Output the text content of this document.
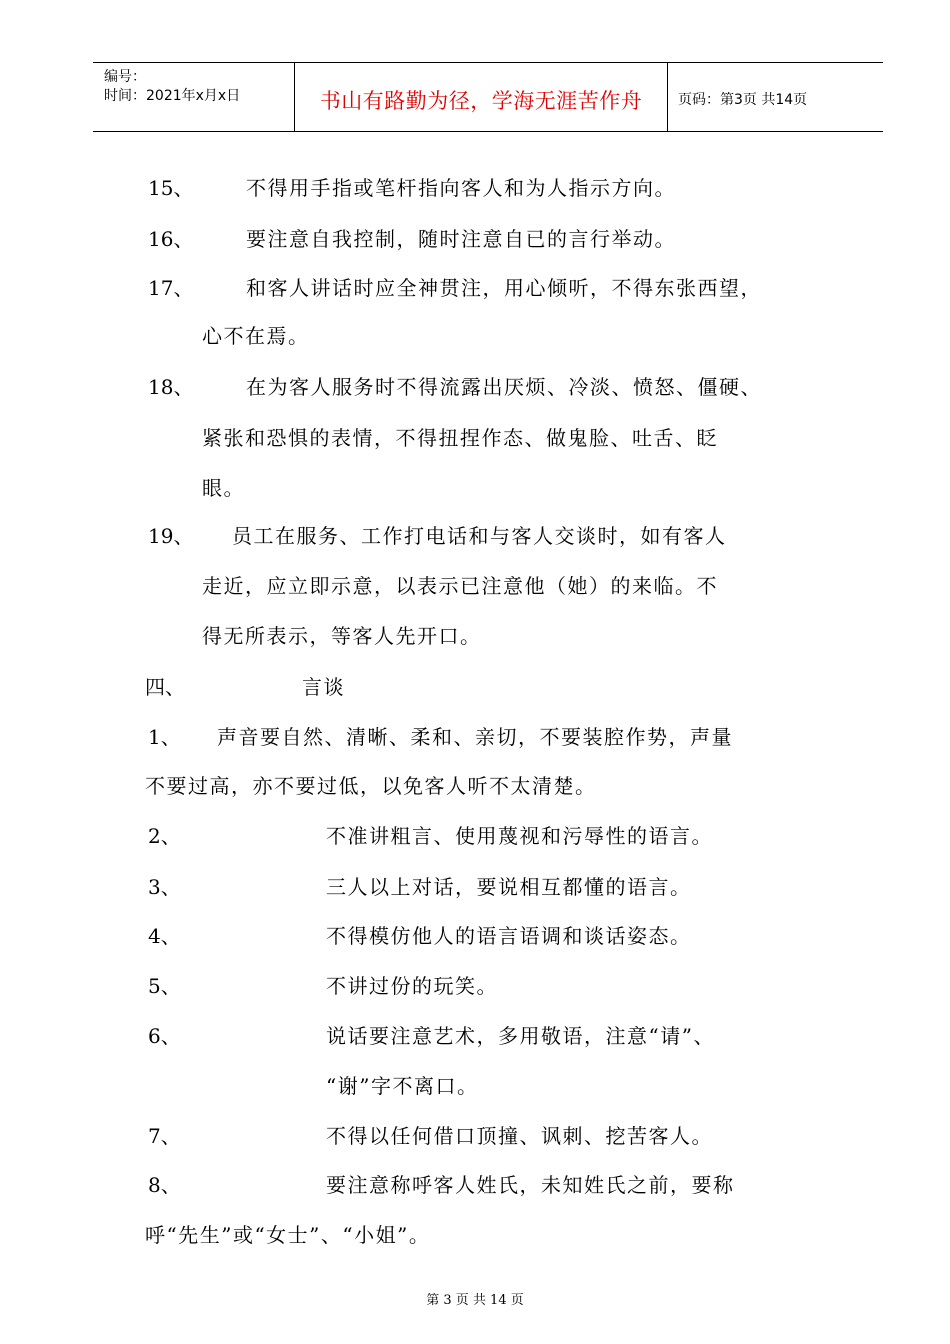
编号：
时间：2021年x月x日	书山有路勤为径，学海无涯苦作舟	页码：第3页 共14页
15、	不得用手指或笔杆指向客人和为人指示方向。
16、	要注意自我控制，随时注意自已的言行举动。
17、	和客人讲话时应全神贯注，用心倾听，不得东张西望，
心不在焉。
18、	在为客人服务时不得流露出厌烦、冷淡、愤怒、僵硬、
紧张和恐惧的表情，不得扭捏作态、做鬼脸、吐舌、眨
眼。
19、 员工在服务、工作打电话和与客人交谈时，如有客人
走近，应立即示意，以表示已注意他（她）的来临。不
得无所表示，等客人先开口。
四、	言谈
1、 声音要自然、清晰、柔和、亲切，不要装腔作势，声量
不要过高，亦不要过低，以免客人听不太清楚。
2、	不准讲粗言、使用蔑视和污辱性的语言。
3、	三人以上对话，要说相互都懂的语言。
4、	不得模仿他人的语言语调和谈话姿态。
5、	不讲过份的玩笑。
6、	说话要注意艺术，多用敬语，注意“请”、
“谢”字不离口。
7、	不得以任何借口顶撞、讽刺、挖苦客人。
8、	要注意称呼客人姓氏，未知姓氏之前，要称
呼“先生”或“女士”、“小姐”。
第 3 页 共 14 页
